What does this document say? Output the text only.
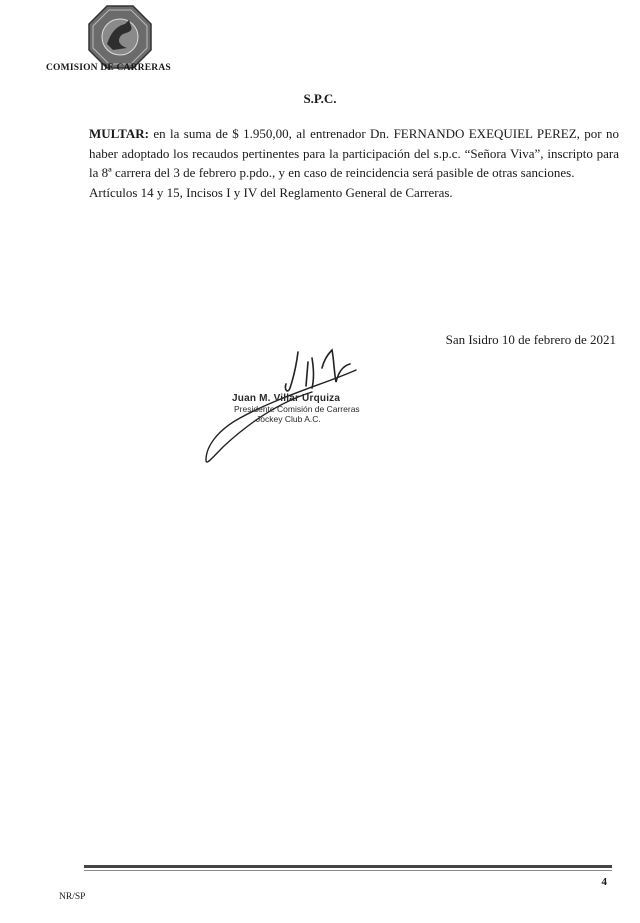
COMISION DE CARRERAS
S.P.C.

MULTAR: en la suma de $ 1.950,00, al entrenador Dn. FERNANDO EXEQUIEL PEREZ, por no haber adoptado los recaudos pertinentes para la participación del s.p.c. “Señora Viva”, inscripto para la 8ª carrera del 3 de febrero p.pdo., y en caso de reincidencia será pasible de otras sanciones.

Artículos 14 y 15, Incisos I y IV del Reglamento General de Carreras.

San Isidro 10 de febrero de 2021
Juan M. Villar Urquiza
Presidente Comisión de Carreras
Jockey Club A.C.
4
NR/SP
